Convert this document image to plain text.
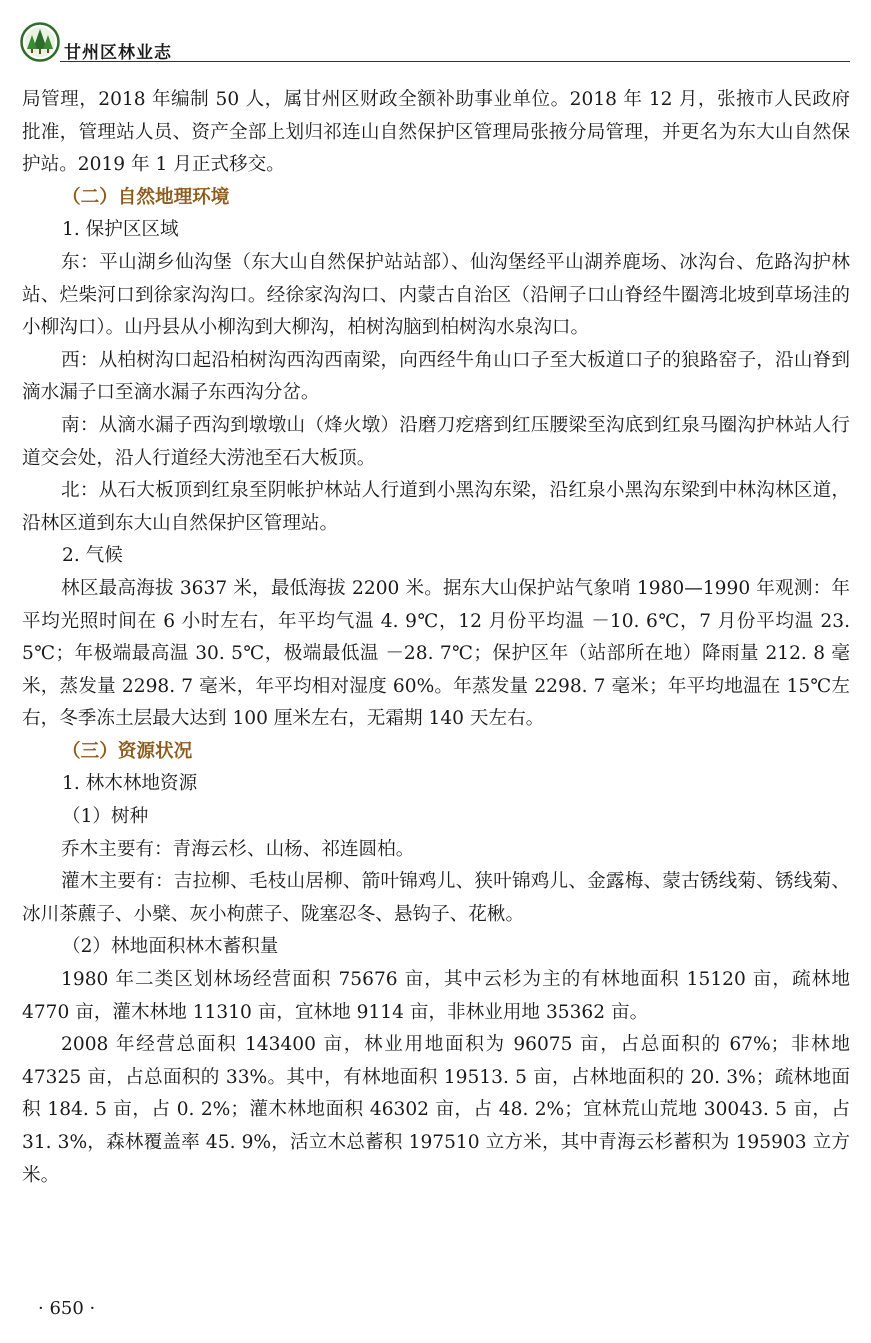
甘州区林业志

局管理，2018 年编制 50 人，属甘州区财政全额补助事业单位。2018 年 12 月，张掖市人民政府批准，管理站人员、资产全部上划归祁连山自然保护区管理局张掖分局管理，并更名为东大山自然保护站。2019 年 1 月正式移交。

（二）自然地理环境

1. 保护区区域

东：平山湖乡仙沟堡（东大山自然保护站站部）、仙沟堡经平山湖养鹿场、冰沟台、危路沟护林站、烂柴河口到徐家沟沟口。经徐家沟沟口、内蒙古自治区（沿闸子口山脊经牛圈湾北坡到草场洼的小柳沟口）。山丹县从小柳沟到大柳沟，柏树沟脑到柏树沟水泉沟口。

西：从柏树沟口起沿柏树沟西沟西南梁，向西经牛角山口子至大板道口子的狼路窑子，沿山脊到滴水漏子口至滴水漏子东西沟分岔。

南：从滴水漏子西沟到墩墩山（烽火墩）沿磨刀疙瘩到红压腰梁至沟底到红泉马圈沟护林站人行道交会处，沿人行道经大涝池至石大板顶。

北：从石大板顶到红泉至阴帐护林站人行道到小黑沟东梁，沿红泉小黑沟东梁到中林沟林区道，沿林区道到东大山自然保护区管理站。

2. 气候

林区最高海拔 3637 米，最低海拔 2200 米。据东大山保护站气象哨 1980—1990 年观测：年平均光照时间在 6 小时左右，年平均气温 4. 9℃，12 月份平均温 －10. 6℃，7 月份平均温 23. 5℃；年极端最高温 30. 5℃，极端最低温 －28. 7℃；保护区年（站部所在地）降雨量 212. 8 毫米，蒸发量 2298. 7 毫米，年平均相对湿度 60%。年蒸发量 2298. 7 毫米；年平均地温在 15℃左右，冬季冻土层最大达到 100 厘米左右，无霜期 140 天左右。

（三）资源状况

1. 林木林地资源

（1）树种

乔木主要有：青海云杉、山杨、祁连圆柏。

灌木主要有：吉拉柳、毛枝山居柳、箭叶锦鸡儿、狭叶锦鸡儿、金露梅、蒙古锈线菊、锈线菊、冰川茶藨子、小檗、灰小枸蔗子、陇塞忍冬、悬钩子、花楸。

（2）林地面积林木蓄积量

1980 年二类区划林场经营面积 75676 亩，其中云杉为主的有林地面积 15120 亩，疏林地 4770 亩，灌木林地 11310 亩，宜林地 9114 亩，非林业用地 35362 亩。

2008 年经营总面积 143400 亩，林业用地面积为 96075 亩，占总面积的 67%；非林地 47325 亩，占总面积的 33%。其中，有林地面积 19513. 5 亩，占林地面积的 20. 3%；疏林地面积 184. 5 亩，占 0. 2%；灌木林地面积 46302 亩，占 48. 2%；宜林荒山荒地 30043. 5 亩，占 31. 3%，森林覆盖率 45. 9%，活立木总蓄积 197510 立方米，其中青海云杉蓄积为 195903 立方米。

· 650 ·
